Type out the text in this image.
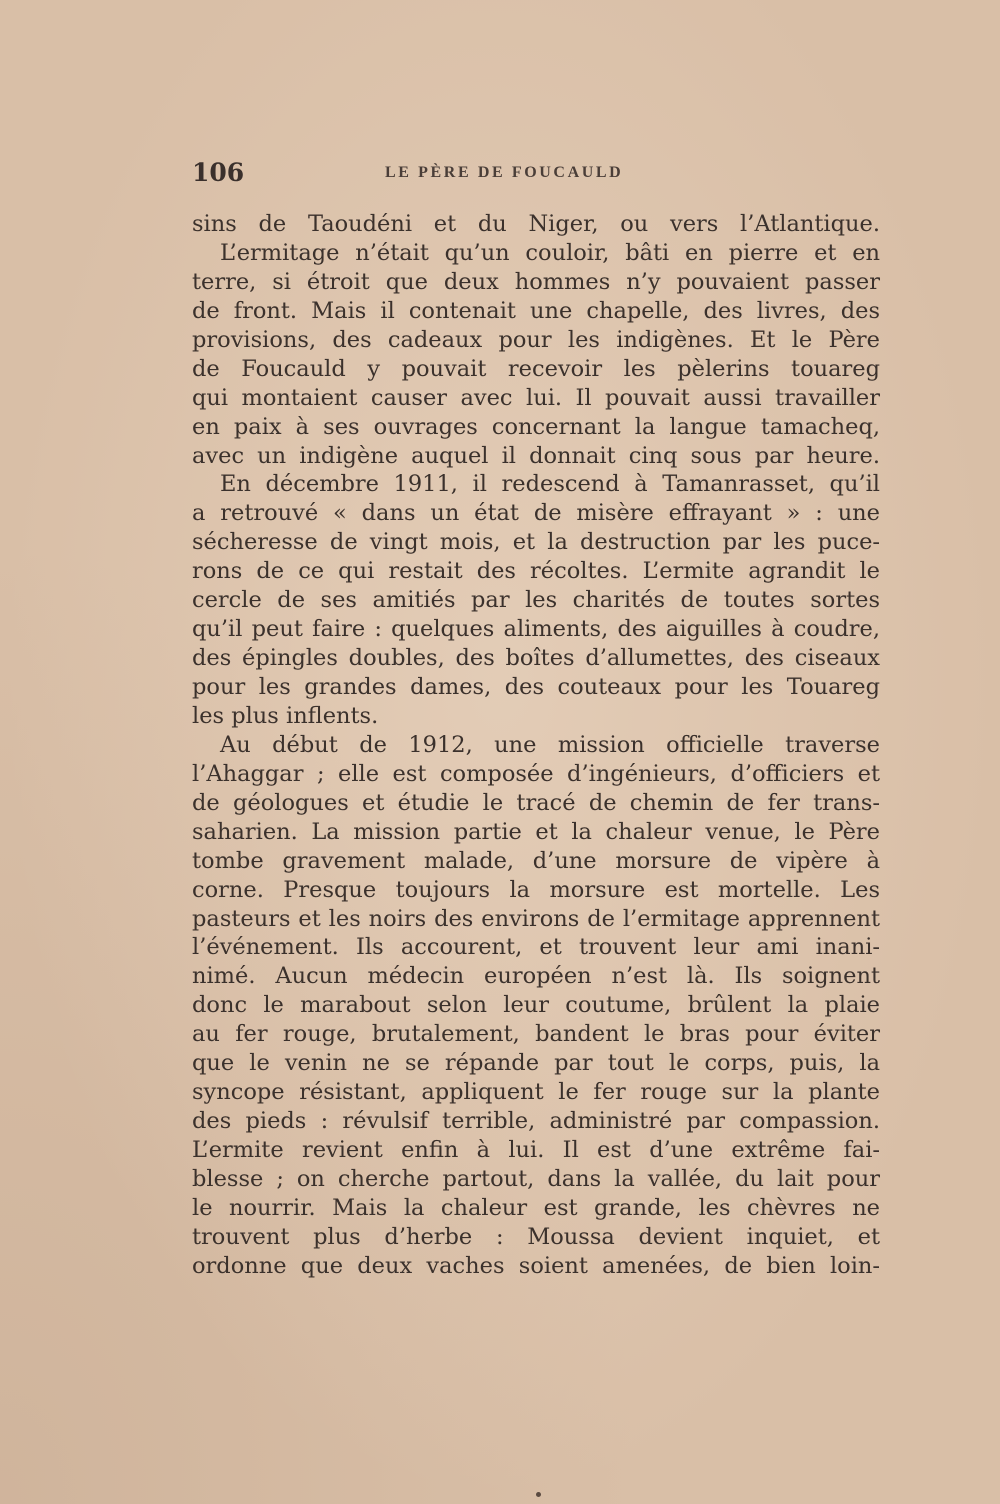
106	LE PÈRE DE FOUCAULD
sins de Taoudéni et du Niger, ou vers l’Atlantique.
L’ermitage n’était qu’un couloir, bâti en pierre et en
terre, si étroit que deux hommes n’y pouvaient passer
de front. Mais il contenait une chapelle, des livres, des
provisions, des cadeaux pour les indigènes. Et le Père
de Foucauld y pouvait recevoir les pèlerins touareg
qui montaient causer avec lui. Il pouvait aussi travailler
en paix à ses ouvrages concernant la langue tamacheq,
avec un indigène auquel il donnait cinq sous par heure.
En décembre 1911, il redescend à Tamanrasset, qu’il
a retrouvé « dans un état de misère effrayant » : une
sécheresse de vingt mois, et la destruction par les puce-
rons de ce qui restait des récoltes. L’ermite agrandit le
cercle de ses amitiés par les charités de toutes sortes
qu’il peut faire : quelques aliments, des aiguilles à coudre,
des épingles doubles, des boîtes d’allumettes, des ciseaux
pour les grandes dames, des couteaux pour les Touareg
les plus inflents.
Au début de 1912, une mission officielle traverse
l’Ahaggar ; elle est composée d’ingénieurs, d’officiers et
de géologues et étudie le tracé de chemin de fer trans-
saharien. La mission partie et la chaleur venue, le Père
tombe gravement malade, d’une morsure de vipère à
corne. Presque toujours la morsure est mortelle. Les
pasteurs et les noirs des environs de l’ermitage apprennent
l’événement. Ils accourent, et trouvent leur ami inani-
nimé. Aucun médecin européen n’est là. Ils soignent
donc le marabout selon leur coutume, brûlent la plaie
au fer rouge, brutalement, bandent le bras pour éviter
que le venin ne se répande par tout le corps, puis, la
syncope résistant, appliquent le fer rouge sur la plante
des pieds : révulsif terrible, administré par compassion.
L’ermite revient enfin à lui. Il est d’une extrême fai-
blesse ; on cherche partout, dans la vallée, du lait pour
le nourrir. Mais la chaleur est grande, les chèvres ne
trouvent plus d’herbe : Moussa devient inquiet, et
ordonne que deux vaches soient amenées, de bien loin-
